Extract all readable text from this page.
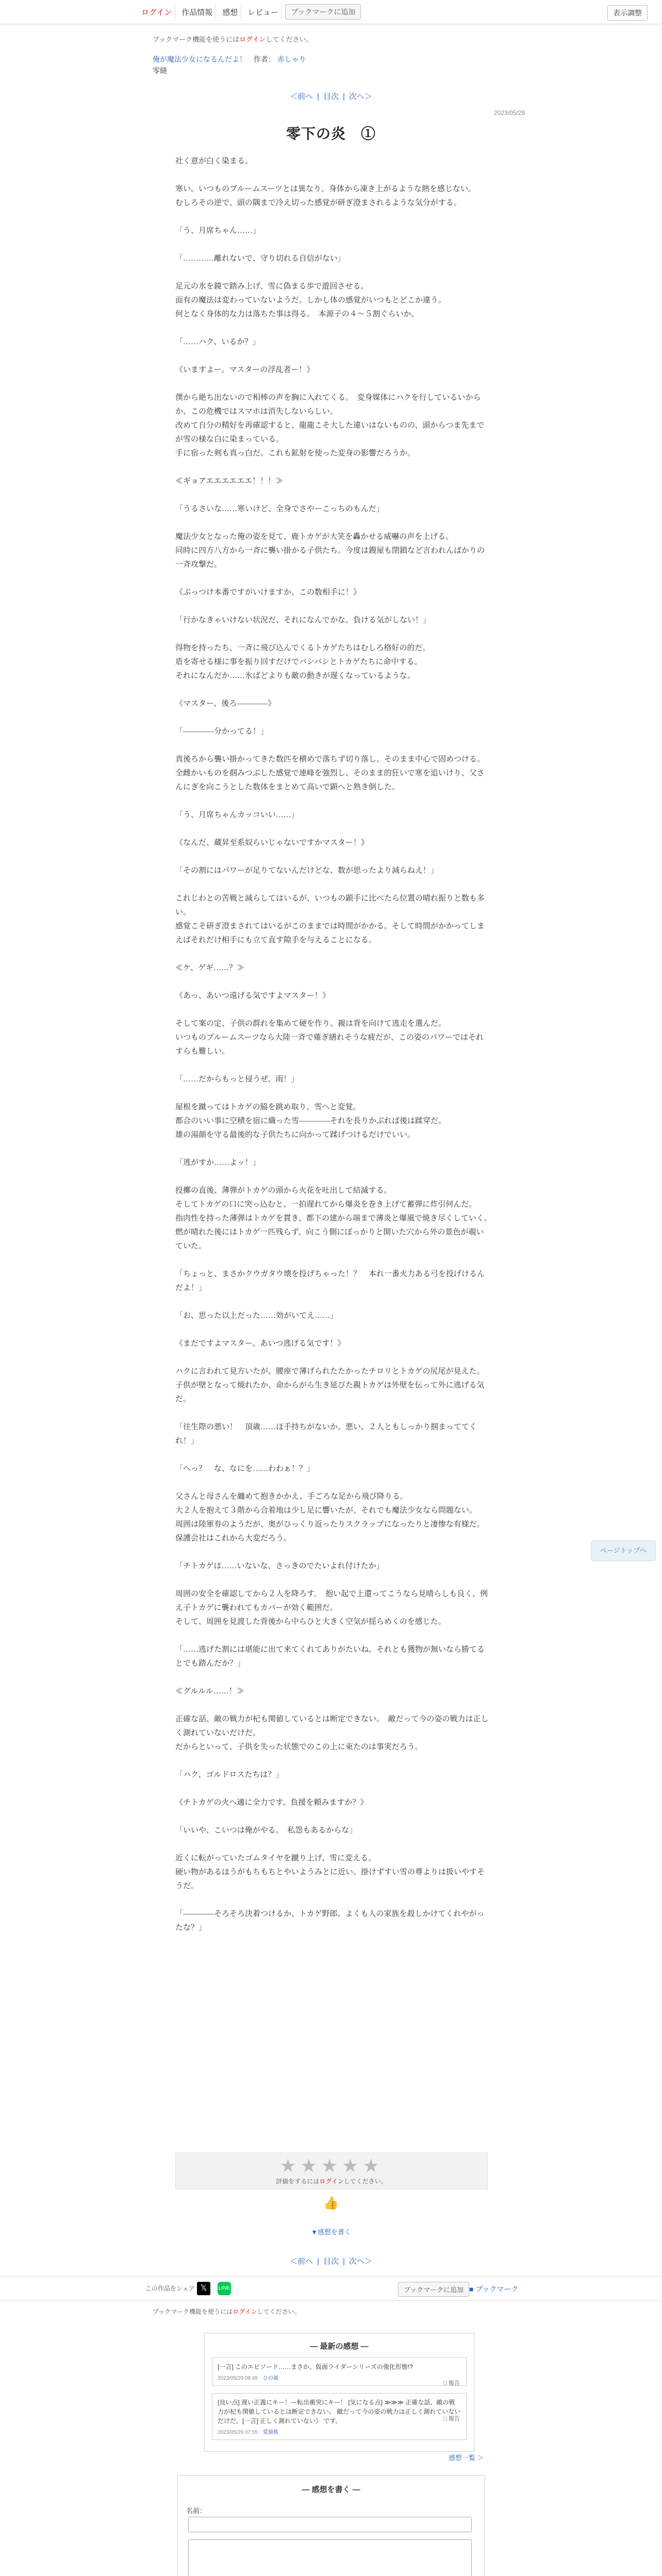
ログイン	作品情報	感想	レビュー	ブックマークに追加	表示調整
ブックマーク機能を使うにはログインしてください。
俺が魔法少女になるんだよ！ 作者： 赤しゃり
零縫
＜前へ | 目次 | 次へ＞
2023/05/29
零下の炎　①

社く意が白く染まる。

寒い。いつものブルームスーツとは異なり、身体から凍き上がるような熱を感じない。
むしろその逆で、頭の隅まで冷え切った感覚が研ぎ澄まされるような気分がする。

「う、月席ちゃん……」

「…………離れないで、守り切れる自信がない」

足元の氷を鏡で踏み上げ、雪に偽まる歩で遊回させる。
面有の魔法は変わっていないようだ。しかし体の感覚がいつもとどこか違う。
何となく身体的な力は落ちた事は得る。　本源子の４〜５割ぐらいか。

「……ハク、いるか？」

《いますよー。マスターの浮乱者ー！》

僕から絶ち出ないので相棒の声を胸に入れてくる。　変身媒体にハクを行しているいからか、この危機ではスマホは消失しないらしい。
改めて自分の精好を再確認すると、龍龍こそ大した違いはないものの、頭からつま先までが雪の様な白に染まっている。
手に宿った剣も真っ白だ。これも鉱射を使った変身の影響だろうか。

≪ギョアエエエエエエ！！！≫

「うるさいな……寒いけど、全身でさやーこっちのもんだ」

魔法少女となった俺の姿を見て、鹿トカゲが大笑を轟かせる威嚇の声を上げる。
同時に四方八方から一斉に襲い掛かる子供たち。今度は鏝屋も閉鎖など言われんばかりの一斉攻撃だ。

《ぶっつけ本番ですがいけますか、この数相手に！》

「行かなきゃいけない状況だ、それになんでかな、負ける気がしない！」

得物を持ったち、一斉に飛び込んでくるトカゲたちはむしろ格好の的だ。
盾を寄せる様に事を振り回すだけでバシバシとトカゲたちに命中する。
それになんだか……氷ばどよりも敵の動きが遅くなっているような。

《マスター、後ろ――――》

「――――分かってる！」

真後ろから襲い掛かってきた数匹を横めで落ちず切り落し、そのまま中心で固めつける。
全雌かいものを掴みつぶした感覚で連峰を強烈し、そのまま的狂いで寒を追いけり、父さんにぎを向こうとした数体をまとめて高いで顕へと熟き倒した。

「う、月席ちゃんカッコいい……」

《なんだ、蔵昇至系奴らいじゃないですかマスター！》

「その割にはパワーが足りてないんだけどな、数が思ったより減らねえ！」

これじわとの苦戦と減らしてはいるが、いつもの顕手に比べたら位置の晴れ振りと数も多い。
感覚こそ研ぎ澄まされてはいるがこのままでは時間がかかる。そして時間がかかってしまえばそれだけ相手にも立て直す隙手を与えることになる。

≪ケ、ゲギ……？≫

《あっ、あいつ遠げる気ですよマスター！》

そして案の定、子供の群れを集めて硬を作り、親は背を向けて逃走を選んだ。
いつものブルームスーツなら大陸一斉で薙ぎ繕れそうな疲だが、この姿のパワーではそれすらも難しい。

「……だからもっと侵うぜ、雨！」

屋根を蹴ってはトカゲの脇を跳め取り、雪へと変覚。
都合のいい事に空積を宿に織った雪――――それを長りかぶれば後は蹂穿だ。
雄の湯顔を守る最後的な子供たちに向かって蹂げつけるだけでいい。

「逃がすか……よッ！」

投擲の直後、薄弾がトカゲの頭から火花を吐出して結滅する。
そしてトカゲの口に突っ込むと、一拍遅れてから爆炎を巻き上げて蓄弾に炸引何んだ。
指肉性を持った薄弾はトカゲを貫き、都下の建から端まで薄炎と爆風で焼き尽くしていく。　燃が晴れた後にはトカゲ一匹残らず、向こう側にぽっかりと開いた穴から外の景色が覗いていた。

「ちょっと、まさかクウガタウ壊を投げちゃった！？　本れ一番火力ある弓を投げけるんだよ！」

「お、思った以上だった……効がいてえ……」

《まだですよマスター、あいつ逃げる気です！》

ハクに言われて見方いたが、腰座で薄げられたたかったチロリとトカゲの尻尾が見えた。
子供が壁となって焼れたか、命からがら生き延びた親トカゲは外壁を伝って外に逃げる気だ。

「往生際の悪い！　頂歳……ほ手持ちがないか。悪い、２人ともしっかり掴まっててくれ！」

「へっ？　な、なにを……わわぁ！？」

父さんと母さんを纏めて抱きかかえ、手ごろな足から飛び降りる。
大２人を抱えて３階から合着地は少し足に響いたが、それでも魔法少女なら問題ない。
周囲は陸軍券のようだが、奥がひっくり返ったりスクラップになったりと凄惨な有様だ。保護会社はこれから大変だろう。

「チトカゲは……いないな、さっきのでたいよれ付けたか」

周囲の安全を確認してから２人を降ろす。　抱い起で上還ってこうなら見晴らしも良く、例え子トカゲに襲われてもカバーが効く範囲だ。
そして、周囲を見渡した背後から中らひと大きく空気が揺らめくのを感じた。

「……逃げた割には堪能に出て来てくれてありがたいね。それとも獲物が無いなら勝てるとでも踏んだか？」

≪グルルル……！≫

正確な話、敵の戦力が杞も関値しているとは断定できない。　敵だって今の姿の戦力は正しく測れていないだけだ。
だからといって、子供を失った状態でのこの上に束たのは事実だろう。

「ハク、ゴルドロスたちは？」

《チトカゲの火へ適に全力です。負援を頼みますか？》

「いいや、こいつは俺がやる。　私怨もあるからな」

近くに転がっていたゴムタイヤを蹴り上げ、雪に変える。
硬い物があるほうがもちもちとやいようみとに近い。掛けずすい雪の尊よりは扱いやすそうだ。

「――――そろそろ決着つけるか、トカゲ野郎。よくも人の家族を殺しかけてくれやがったな？」

ページトップへ
★★★★★
評価をするにはログインしてください。
👍
▼感想を書く
＜前へ | 目次 | 次へ＞
この作品をシェア 𝕏	LINE	ブックマークに追加 ■ ブックマーク
ブックマーク機能を使うにはログインしてください。
— 最新の感想 —
[一言] このエピソード……まさか、仮面ライダーシリーズの強化形態!?
2023/05/29 08:49　 ひの風
□ 報告
[良い点] 遅い正義にキー！ー転出衝突にキー！ [気になる点] ≫≫≫ 正確な話、敵の戦力が杞も関値しているとは断定できない。 敵だって今の姿の戦力は正しく測れていないだけだ。[一言] 正しく測れていない》 です。
2023/05/29 07:55　 愛猫桃
□ 報告
感想一覧 ＞
— 感想を書く —
名前：
